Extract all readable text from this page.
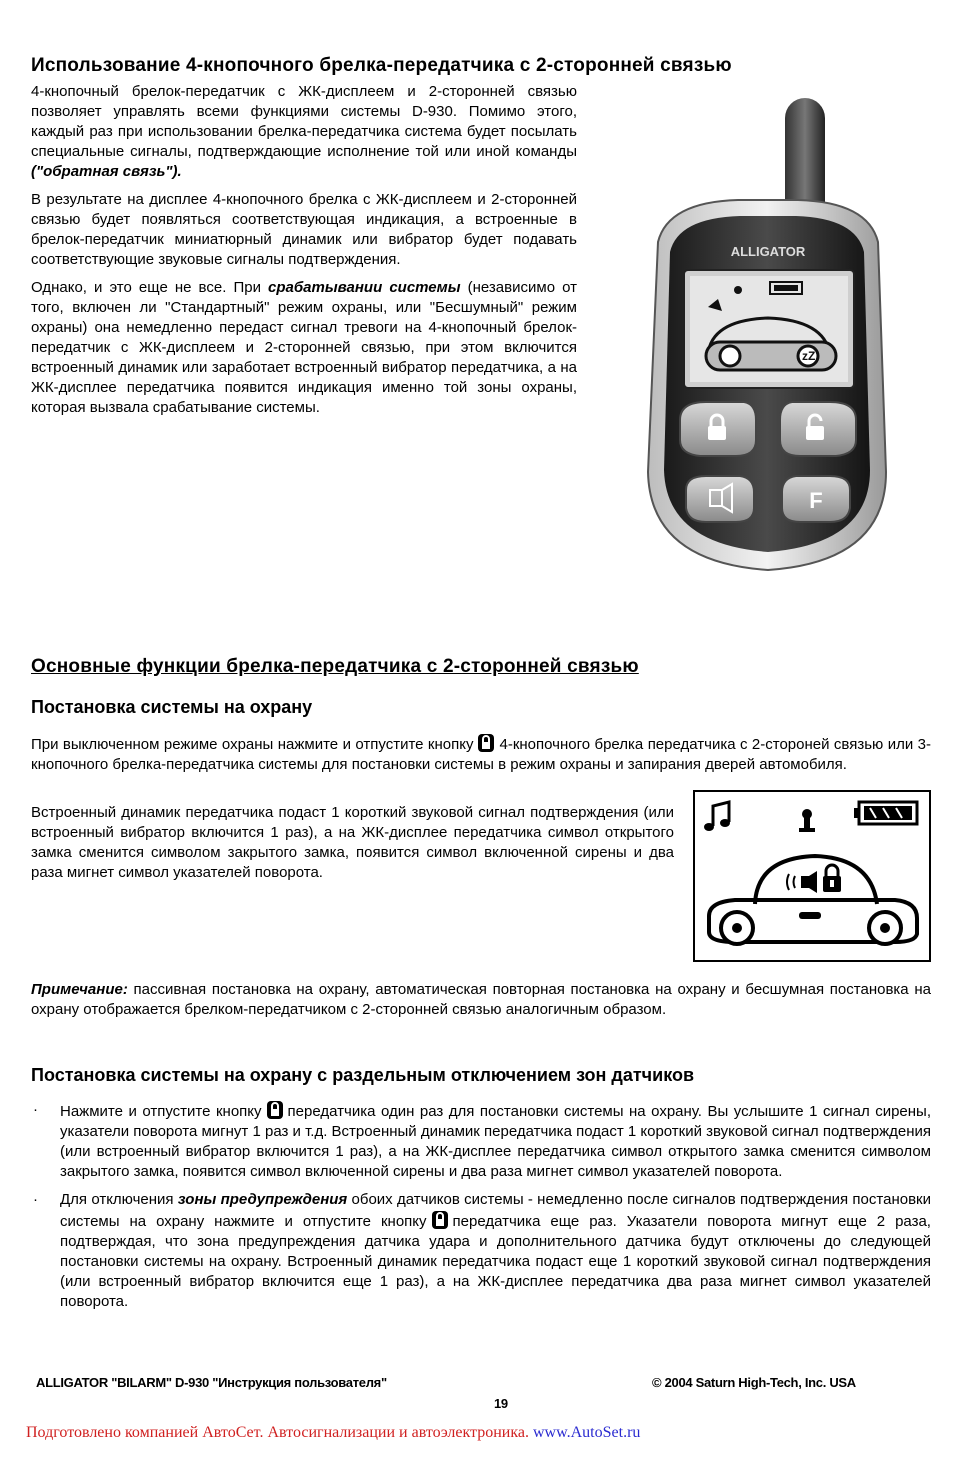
Использование 4-кнопочного брелка-передатчика с 2-сторонней связью

4-кнопочный брелок-передатчик с ЖК-дисплеем и 2-сторонней связью позволяет управлять всеми функциями системы D-930. Помимо этого, каждый раз при использовании брелка-передатчика система будет посылать специальные сигналы, подтверждающие исполнение той или иной команды ("обратная связь").

В результате на дисплее 4-кнопочного брелка с ЖК-дисплеем и 2-сторонней связью будет появляться соответствующая индикация, а встроенные в брелок-передатчик миниатюрный динамик или вибратор будет подавать соответствующие звуковые сигналы подтверждения.

Однако, и это еще не все. При срабатывании системы (независимо от того, включен ли "Стандартный" режим охраны, или "Бесшумный" режим охраны) она немедленно передаст сигнал тревоги на 4-кнопочный брелок-передатчик с ЖК-дисплеем и 2-сторонней связью, при этом включится встроенный динамик или заработает встроенный вибратор передатчика, а на ЖК-дисплее передатчика появится индикация именно той зоны охраны, которая вызвала срабатывание системы.

ALLIGATOR
zZ
F
Основные функции брелка-передатчика с 2-сторонней связью
Постановка системы на охрану

При выключенном режиме охраны нажмите и отпустите кнопку 4-кнопочного брелка передатчика с 2-стороней связью или 3-кнопочного брелка-передатчика системы для постановки системы в режим охраны и запирания дверей автомобиля.

Встроенный динамик передатчика подаст 1 короткий звуковой сигнал подтверждения (или встроенный вибратор включится 1 раз), а на ЖК-дисплее передатчика символ открытого замка сменится символом закрытого замка, появится символ включенной сирены и два раза мигнет символ указателей поворота.

Примечание: пассивная постановка на охрану, автоматическая повторная постановка на охрану и бесшумная постановка на охрану отображается брелком-передатчиком с 2-сторонней связью аналогичным образом.

Постановка системы на охрану с раздельным отключением зон датчиков

· Нажмите и отпустите кнопку передатчика один раз для постановки системы на охрану. Вы услышите 1 сигнал сирены, указатели поворота мигнут 1 раз и т.д. Встроенный динамик передатчика подаст 1 короткий звуковой сигнал подтверждения (или встроенный вибратор включится 1 раз), а на ЖК-дисплее передатчика символ открытого замка сменится символом закрытого замка, появится символ включенной сирены и два раза мигнет символ указателей поворота.

· Для отключения зоны предупреждения обоих датчиков системы - немедленно после сигналов подтверждения постановки системы на охрану нажмите и отпустите кнопку передатчика еще раз. Указатели поворота мигнут еще 2 раза, подтверждая, что зона предупреждения датчика удара и дополнительного датчика будут отключены до следующей постановки системы на охрану. Встроенный динамик передатчика подаст еще 1 короткий звуковой сигнал подтверждения (или встроенный вибратор включится еще 1 раз), а на ЖК-дисплее передатчика два раза мигнет символ указателей поворота.

ALLIGATOR "BILARM" D-930 "Инструкция пользователя"	© 2004 Saturn High-Tech, Inc. USA
19
Подготовлено компанией АвтоСет. Автосигнализации и автоэлектроника. www.AutoSet.ru
